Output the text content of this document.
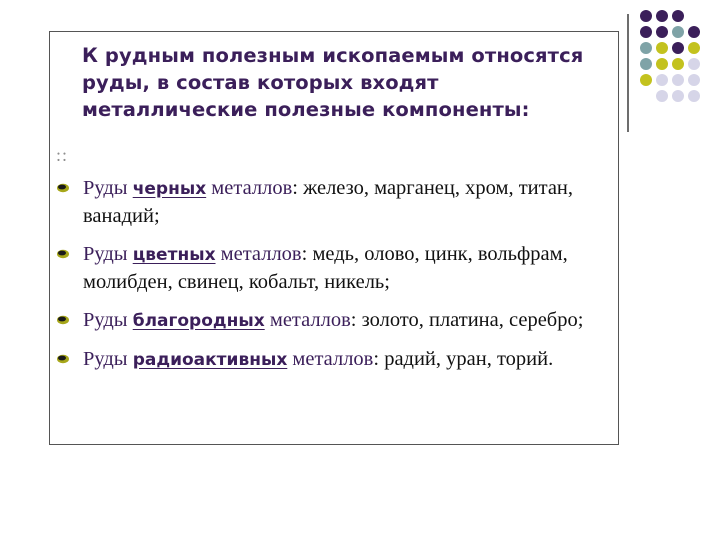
К рудным полезным ископаемым относятся руды, в состав которых входят металлические полезные компоненты:
::
Руды черных металлов: железо, марганец, хром, титан, ванадий;
Руды цветных металлов: медь, олово, цинк, вольфрам, молибден, свинец, кобальт, никель;
Руды благородных металлов: золото, платина, серебро;
Руды радиоактивных металлов: радий, уран, торий.
